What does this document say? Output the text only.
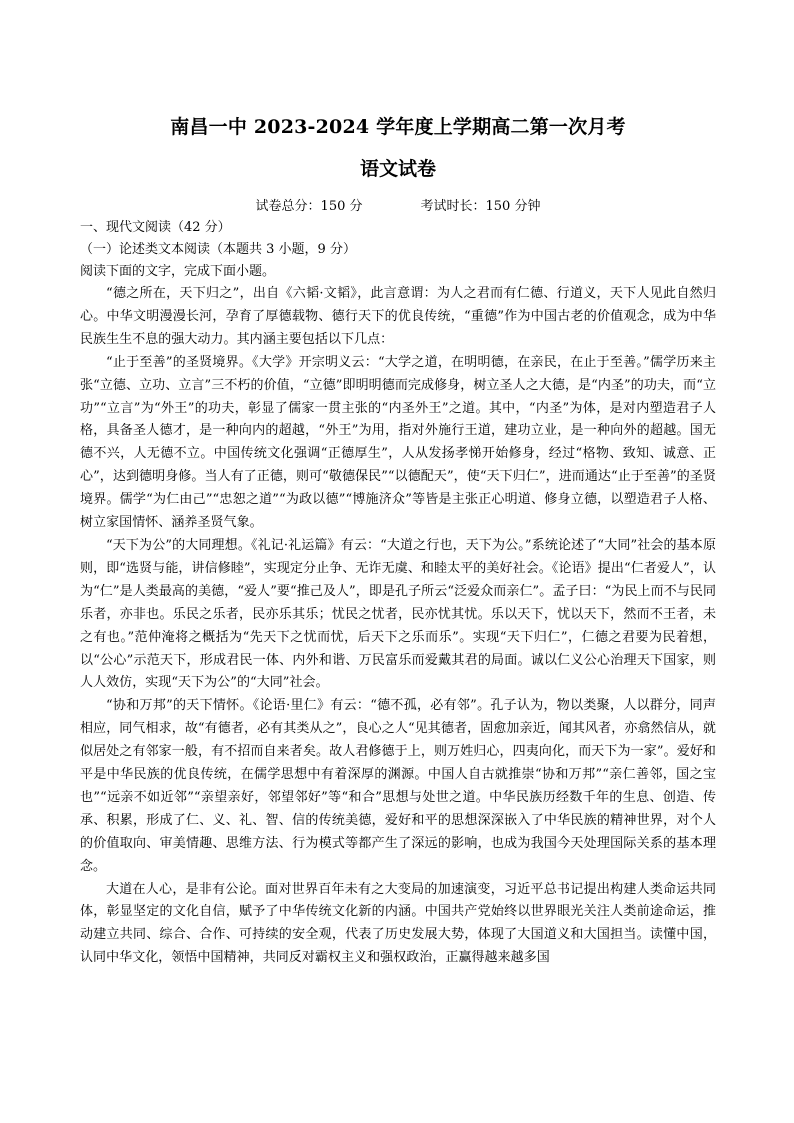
南昌一中 2023-2024 学年度上学期高二第一次月考
语文试卷
试卷总分：150 分	考试时长：150 分钟

一、现代文阅读（42 分）

（一）论述类文本阅读（本题共 3 小题，9 分）

阅读下面的文字，完成下面小题。

“德之所在，天下归之”，出自《六韬·文韬》，此言意谓：为人之君而有仁德、行道义，天下人见此自然归心。中华文明漫漫长河，孕育了厚德载物、德行天下的优良传统，“重德”作为中国古老的价值观念，成为中华民族生生不息的强大动力。其内涵主要包括以下几点：

“止于至善”的圣贤境界。《大学》开宗明义云：“大学之道，在明明德，在亲民，在止于至善。”儒学历来主张“立德、立功、立言”三不朽的价值，“立德”即明明德而完成修身，树立圣人之大德，是“内圣”的功夫，而“立功”“立言”为“外王”的功夫，彰显了儒家一贯主张的“内圣外王”之道。其中，“内圣”为体，是对内塑造君子人格，具备圣人德才，是一种向内的超越，“外王”为用，指对外施行王道，建功立业，是一种向外的超越。国无德不兴，人无德不立。中国传统文化强调“正德厚生”，人从发扬孝悌开始修身，经过“格物、致知、诚意、正心”，达到德明身修。当人有了正德，则可“敬德保民”“以德配天”，使“天下归仁”，进而通达“止于至善”的圣贤境界。儒学“为仁由己”“忠恕之道”“为政以德”“博施济众”等皆是主张正心明道、修身立德，以塑造君子人格、树立家国情怀、涵养圣贤气象。

“天下为公”的大同理想。《礼记·礼运篇》有云：“大道之行也，天下为公。”系统论述了“大同”社会的基本原则，即“选贤与能，讲信修睦”，实现定分止争、无诈无虞、和睦太平的美好社会。《论语》提出“仁者爱人”，认为“仁”是人类最高的美德，“爱人”要“推己及人”，即是孔子所云“泛爱众而亲仁”。孟子曰：“为民上而不与民同乐者，亦非也。乐民之乐者，民亦乐其乐；忧民之忧者，民亦忧其忧。乐以天下，忧以天下，然而不王者，未之有也。”范仲淹将之概括为“先天下之忧而忧，后天下之乐而乐”。实现“天下归仁”，仁德之君要为民着想，以“公心”示范天下，形成君民一体、内外和谐、万民富乐而爱戴其君的局面。诚以仁义公心治理天下国家，则人人效仿，实现“天下为公”的“大同”社会。

“协和万邦”的天下情怀。《论语·里仁》有云：“德不孤，必有邻”。孔子认为，物以类聚，人以群分，同声相应，同气相求，故“有德者，必有其类从之”，良心之人“见其德者，固愈加亲近，闻其风者，亦翕然信从，就似居处之有邻家一般，有不招而自来者矣。故人君修德于上，则万姓归心，四夷向化，而天下为一家”。爱好和平是中华民族的优良传统，在儒学思想中有着深厚的渊源。中国人自古就推崇“协和万邦”“亲仁善邻，国之宝也”“远亲不如近邻”“亲望亲好，邻望邻好”等“和合”思想与处世之道。中华民族历经数千年的生息、创造、传承、积累，形成了仁、义、礼、智、信的传统美德，爱好和平的思想深深嵌入了中华民族的精神世界，对个人的价值取向、审美情趣、思维方法、行为模式等都产生了深远的影响，也成为我国今天处理国际关系的基本理念。

大道在人心，是非有公论。面对世界百年未有之大变局的加速演变，习近平总书记提出构建人类命运共同体，彰显坚定的文化自信，赋予了中华传统文化新的内涵。中国共产党始终以世界眼光关注人类前途命运，推动建立共同、综合、合作、可持续的安全观，代表了历史发展大势，体现了大国道义和大国担当。读懂中国，认同中华文化，领悟中国精神，共同反对霸权主义和强权政治，正赢得越来越多国
